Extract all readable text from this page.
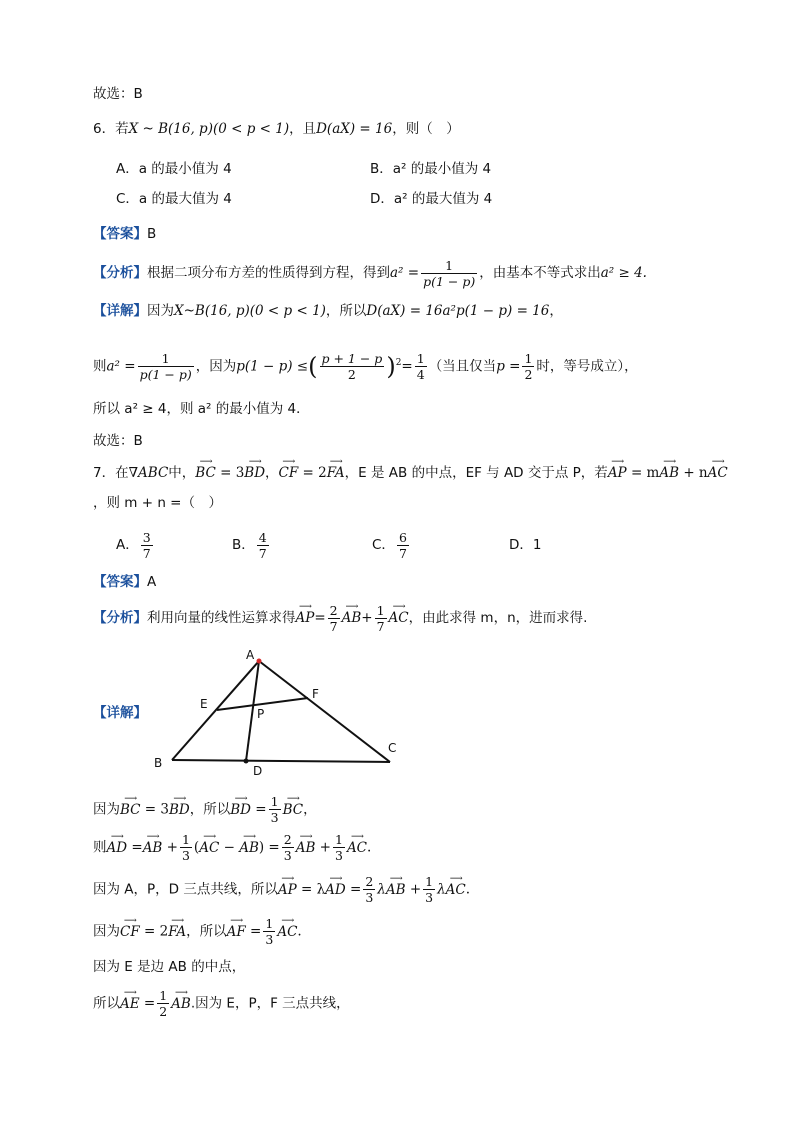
故选：B
6．若X ~ B(16, p)(0 < p < 1)，且D(aX) = 16，则（　）
A．a 的最小值为 4	B．a² 的最小值为 4
C．a 的最大值为 4	D．a² 的最大值为 4
【答案】B
【分析】根据二项分布方差的性质得到方程，得到$a^2 = \frac{1}{p(1 - p)}$ ，由基本不等式求出a² ≥ 4.
【详解】因为X~B(16, p)(0 < p < 1)，所以D(aX) = 16a²p(1 − p) = 16，
则$a^2 = \frac{1}{p(1 - p)}$ ，因为p(1 − p) ≤( $\frac{p + 1 - p}{2} )^2= \frac{1}{4}$ （当且仅当$p = \frac{1}{2}$ 时，等号成立），
所以 a² ≥ 4，则 a² 的最小值为 4．
故选：B
7．在∇ABC中，⟶ BC = 3⟶ BD，⟶ CF = 2⟶ FA，E 是 AB 的中点，EF 与 AD 交于点 P，若⟶ AP = m⟶ AB + n⟶ AC
，则 m + n =（　）
A． $\frac{3}{7}$	B． $\frac{4}{7}$	C． $\frac{6}{7}$	D．1
【答案】A
【分析】利用向量的线性运算求得⟶ $AP= \frac{2}{7}$ ⟶ $AB+ \frac{1}{7}$ ⟶ AC，由此求得 m，n，进而求得.
【详解】
A
B
C
D
E
F
P
因为⟶ BC = 3⟶ BD，所以⟶ BD = $\frac{1}{3}$ ⟶ BC，
则⟶ AD =⟶ AB + $\frac{1}{3}$ (⟶ AC − ⟶ $AB) = \frac{2}{3}$ ⟶ AB + $\frac{1}{3}$ ⟶ AC.
因为 A，P，D 三点共线，所以⟶ AP = λ⟶ AD = $\frac{2}{3}$ λ⟶ AB + $\frac{1}{3}$ λ⟶ AC.
因为⟶ CF = 2⟶ FA，所以⟶ AF = $\frac{1}{3}$ ⟶ AC.
因为 E 是边 AB 的中点，
所以⟶ AE = $\frac{1}{2}$ ⟶ AB.因为 E，P，F 三点共线，
